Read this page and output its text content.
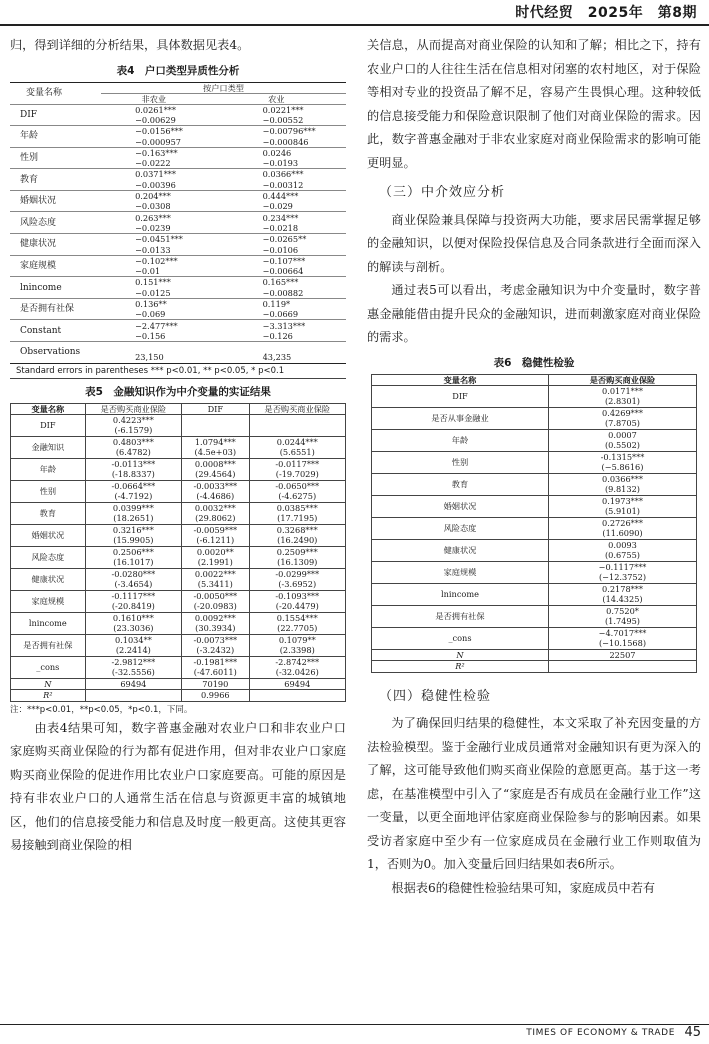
时代经贸　2025年　第8期

归，得到详细的分析结果，具体数据见表4。

表4　户口类型异质性分析
变量名称	按户口类型	
	非农业	农业
DIF	0.0261***	0.0221***
	−0.00629	−0.00552
年龄	−0.0156***	−0.00796***
	−0.000957	−0.000846
性别	−0.163***	0.0246
	−0.0222	−0.0193
教育	0.0371***	0.0366***
	−0.00396	−0.00312
婚姻状况	0.204***	0.444***
	−0.0308	−0.029
风险态度	0.263***	0.234***
	−0.0239	−0.0218
健康状况	−0.0451***	−0.0265**
	−0.0133	−0.0106
家庭规模	−0.102***	−0.107***
	−0.01	−0.00664
lnincome	0.151***	0.165***
	−0.0125	−0.00882
是否拥有社保	0.136**	0.119*
	−0.069	−0.0669
Constant	−2.477***	−3.313***
	−0.156	−0.126
Observations		
	23,150	43,235
Standard errors in parentheses *** p<0.01, ** p<0.05, * p<0.1
表5　金融知识作为中介变量的实证结果
变量名称	是否购买商业保险	DIF	是否购买商业保险
DIF	0.4223***		
	(-6.1579)		
金融知识	0.4803***	1.0794***	0.0244***
	(6.4782)	(4.5e+03)	(5.6551)
年龄	-0.0113***	0.0008***	-0.0117***
	(-18.8337)	(29.4564)	(-19.7029)
性别	-0.0664***	-0.0033***	-0.0650***
	(-4.7192)	(-4.4686)	(-4.6275)
教育	0.0399***	0.0032***	0.0385***
	(18.2651)	(29.8062)	(17.7195)
婚姻状况	0.3216***	-0.0059***	0.3268***
	(15.9905)	(-6.1211)	(16.2490)
风险态度	0.2506***	0.0020**	0.2509***
	(16.1017)	(2.1991)	(16.1309)
健康状况	-0.0280***	0.0022***	-0.0299***
	(-3.4654)	(5.3411)	(-3.6952)
家庭规模	-0.1117***	-0.0050***	-0.1093***
	(-20.8419)	(-20.0983)	(-20.4479)
lnincome	0.1610***	0.0092***	0.1554***
	(23.3036)	(30.3934)	(22.7705)
是否拥有社保	0.1034**	-0.0073***	0.1079**
	(2.2414)	(-3.2432)	(2.3398)
_cons	-2.9812***	-0.1981***	-2.8742***
	(-32.5556)	(-47.6011)	(-32.0426)
N	69494	70190	69494
R²		0.9966	
注：***p<0.01，**p<0.05，*p<0.1，下同。

由表4结果可知，数字普惠金融对农业户口和非农业户口家庭购买商业保险的行为都有促进作用，但对非农业户口家庭购买商业保险的促进作用比农业户口家庭要高。可能的原因是持有非农业户口的人通常生活在信息与资源更丰富的城镇地区，他们的信息接受能力和信息及时度一般更高。这使其更容易接触到商业保险的相

关信息，从而提高对商业保险的认知和了解；相比之下，持有农业户口的人往往生活在信息相对闭塞的农村地区，对于保险等相对专业的投资品了解不足，容易产生畏惧心理。这种较低的信息接受能力和保险意识限制了他们对商业保险的需求。因此，数字普惠金融对于非农业家庭对商业保险需求的影响可能更明显。

（三）中介效应分析

商业保险兼具保障与投资两大功能，要求居民需掌握足够的金融知识，以便对保险投保信息及合同条款进行全面而深入的解读与剖析。

通过表5可以看出，考虑金融知识为中介变量时，数字普惠金融能借由提升民众的金融知识，进而刺激家庭对商业保险的需求。

表6　稳健性检验
变量名称	是否购买商业保险
DIF	0.0171***
	(2.8301)
是否从事金融业	0.4269***
	(7.8705)
年龄	0.0007
	(0.5502)
性别	-0.1315***
	(−5.8616)
教育	0.0366***
	(9.8132)
婚姻状况	0.1973***
	(5.9101)
风险态度	0.2726***
	(11.6090)
健康状况	0.0093
	(0.6755)
家庭规模	−0.1117***
	(−12.3752)
lnincome	0.2178***
	(14.4325)
是否拥有社保	0.7520*
	(1.7495)
_cons	−4.7017***
	(−10.1568)
N	22507
R²	
（四）稳健性检验

为了确保回归结果的稳健性，本文采取了补充因变量的方法检验模型。鉴于金融行业成员通常对金融知识有更为深入的了解，这可能导致他们购买商业保险的意愿更高。基于这一考虑，在基准模型中引入了“家庭是否有成员在金融行业工作”这一变量，以更全面地评估家庭商业保险参与的影响因素。如果受访者家庭中至少有一位家庭成员在金融行业工作则取值为1，否则为0。加入变量后回归结果如表6所示。

根据表6的稳健性检验结果可知，家庭成员中若有

TIMES OF ECONOMY & TRADE 45
